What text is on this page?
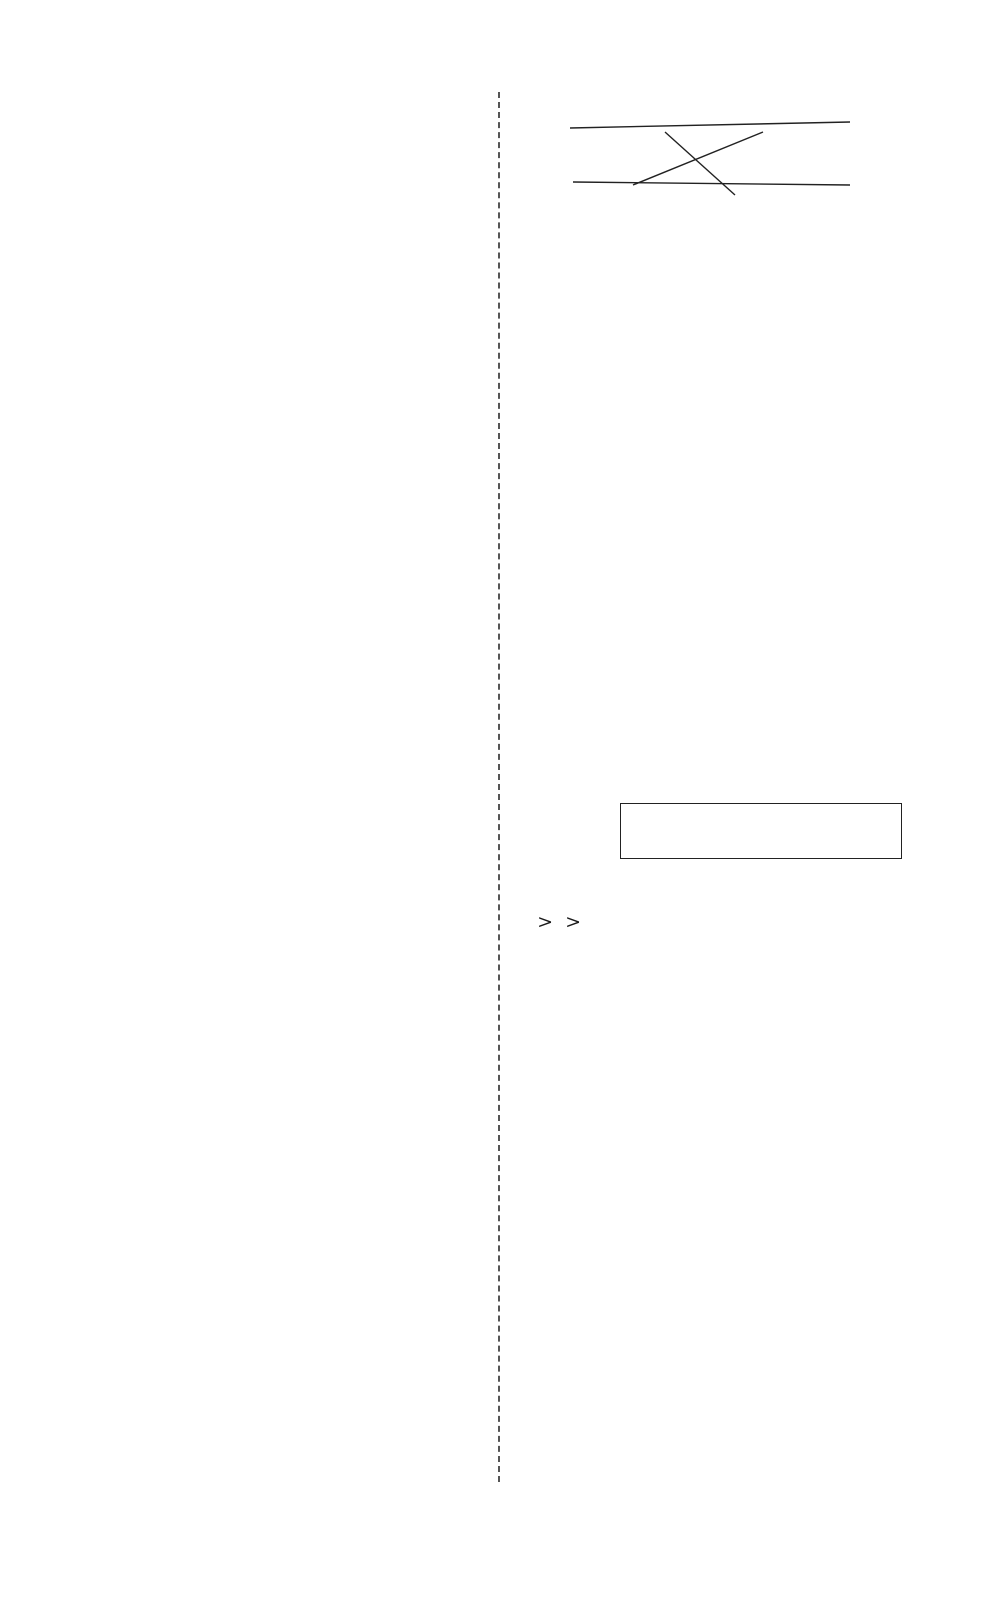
> >
